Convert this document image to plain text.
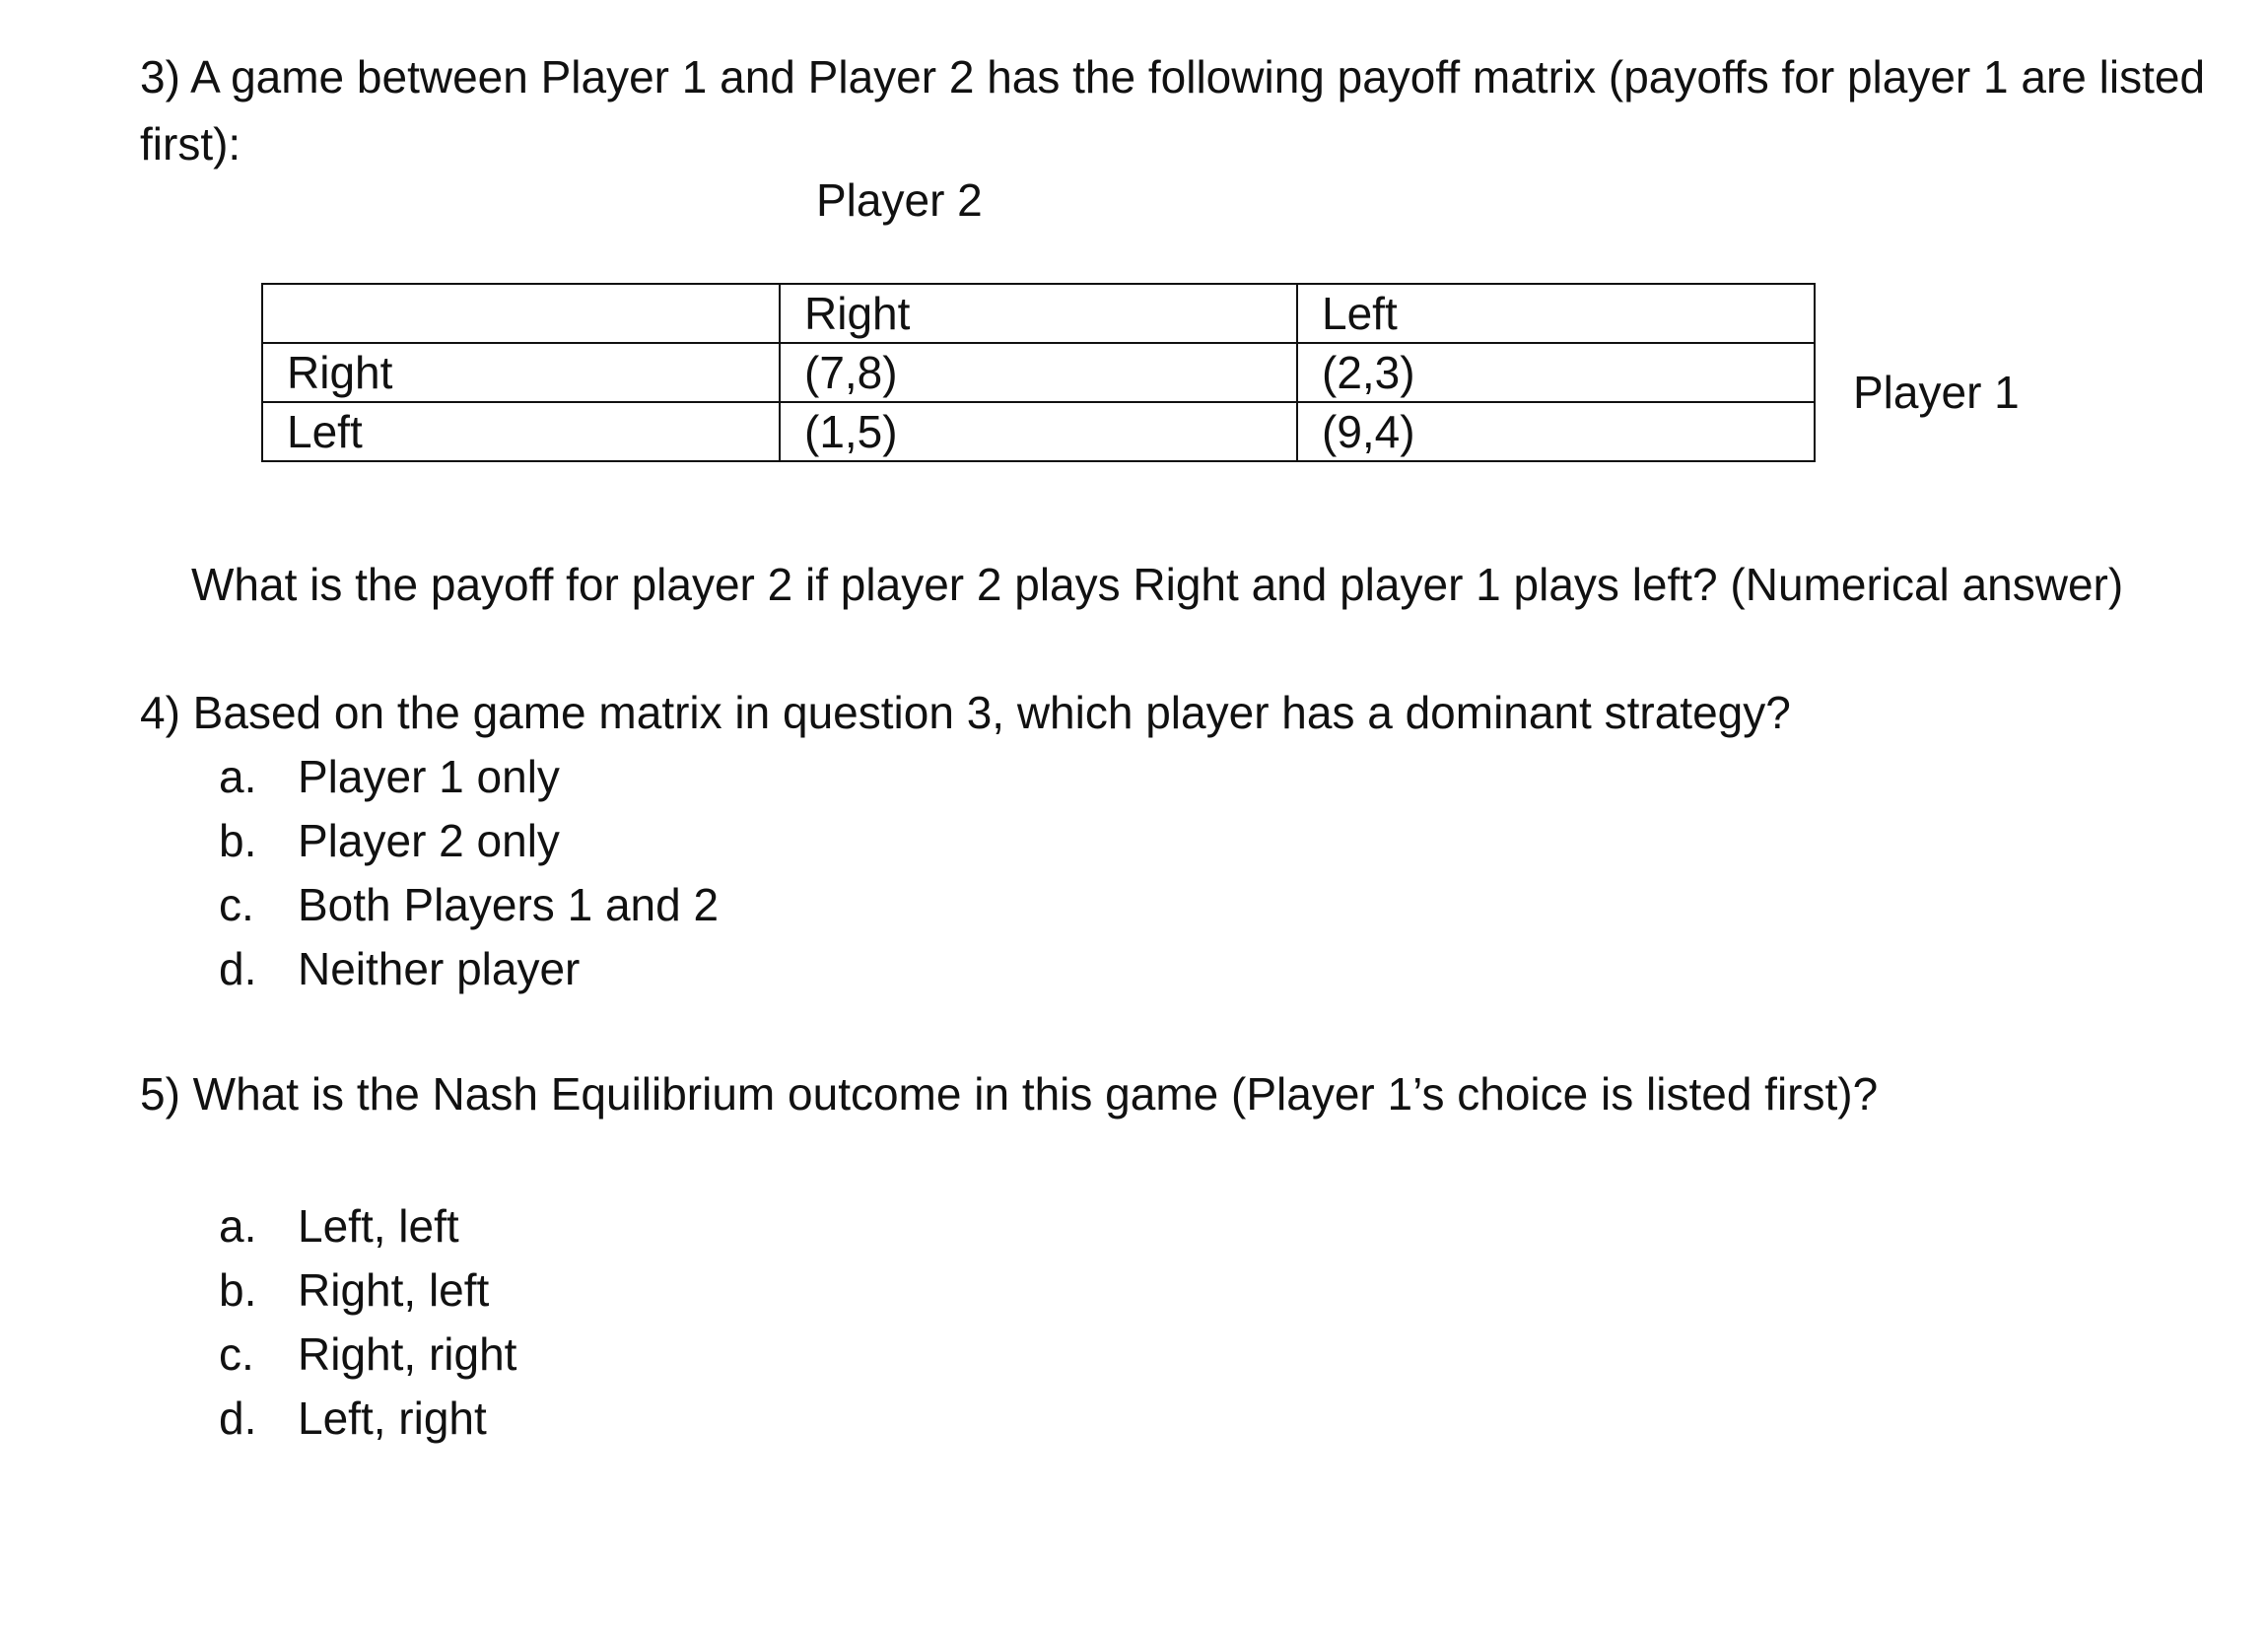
3) A game between Player 1 and Player 2 has the following payoff matrix (payoffs for player 1 are listed first):
Player 2
	Right	Left
Right	(7,8)	(2,3)
Left	(1,5)	(9,4)
Player 1
What is the payoff for player 2 if player 2 plays Right and player 1 plays left? (Numerical answer)
4) Based on the game matrix in question 3, which player has a dominant strategy?
a. Player 1 only
b. Player 2 only
c. Both Players 1 and 2
d. Neither player
5) What is the Nash Equilibrium outcome in this game (Player 1’s choice is listed first)?
a. Left, left
b. Right, left
c. Right, right
d. Left, right
